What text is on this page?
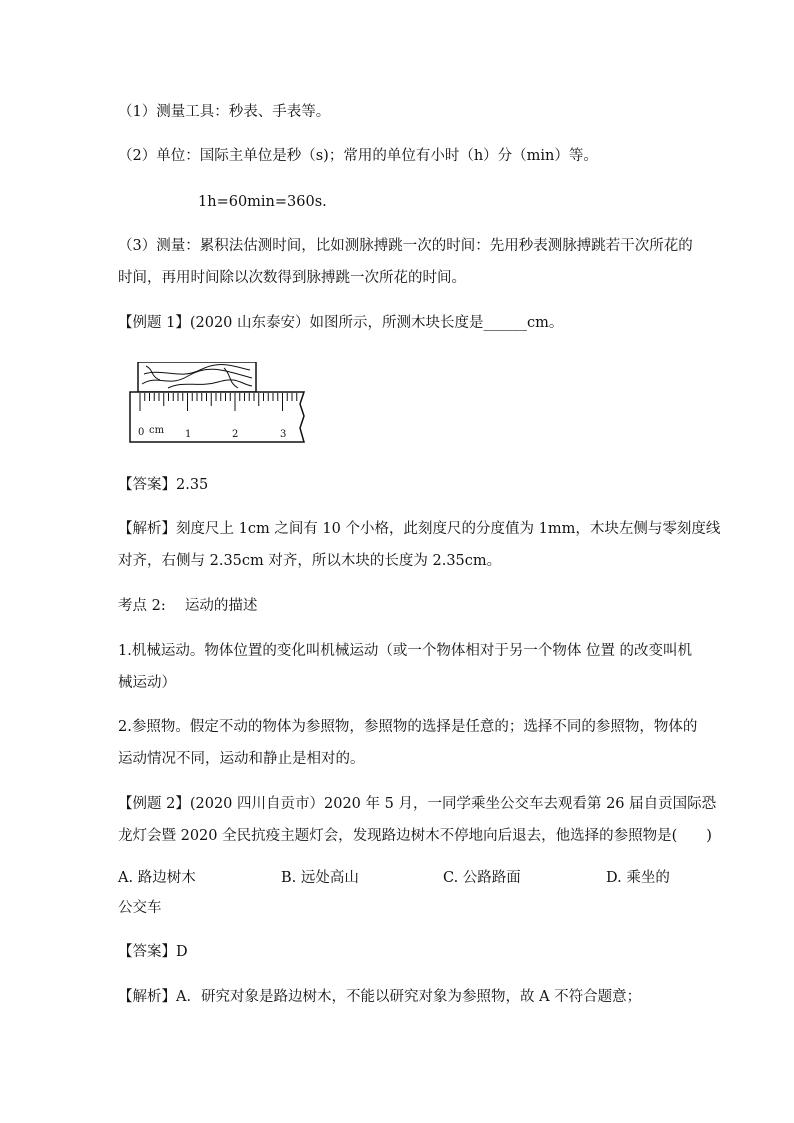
（1）测量工具：秒表、手表等。
（2）单位：国际主单位是秒（s)；常用的单位有小时（h）分（min）等。
1h=60min=360s.
（3）测量：累积法估测时间，比如测脉搏跳一次的时间：先用秒表测脉搏跳若干次所花的
时间，再用时间除以次数得到脉搏跳一次所花的时间。
【例题 1】(2020 山东泰安）如图所示，所测木块长度是______cm。
0 cm 1	2	3
【答案】2.35
【解析】刻度尺上 1cm 之间有 10 个小格，此刻度尺的分度值为 1mm，木块左侧与零刻度线
对齐，右侧与 2.35cm 对齐，所以木块的长度为 2.35cm。
考点 2:　 运动的描述
1.机械运动。物体位置的变化叫机械运动（或一个物体相对于另一个物体 位置 的改变叫机
械运动）
2.参照物。假定不动的物体为参照物，参照物的选择是任意的；选择不同的参照物，物体的
运动情况不同，运动和静止是相对的。
【例题 2】(2020 四川自贡市）2020 年 5 月，一同学乘坐公交车去观看第 26 届自贡国际恐
龙灯会暨 2020 全民抗疫主题灯会，发现路边树木不停地向后退去，他选择的参照物是(　　)
A. 路边树木	B. 远处高山	C. 公路路面	D. 乘坐的
公交车
【答案】D
【解析】A．研究对象是路边树木，不能以研究对象为参照物，故 A 不符合题意；
